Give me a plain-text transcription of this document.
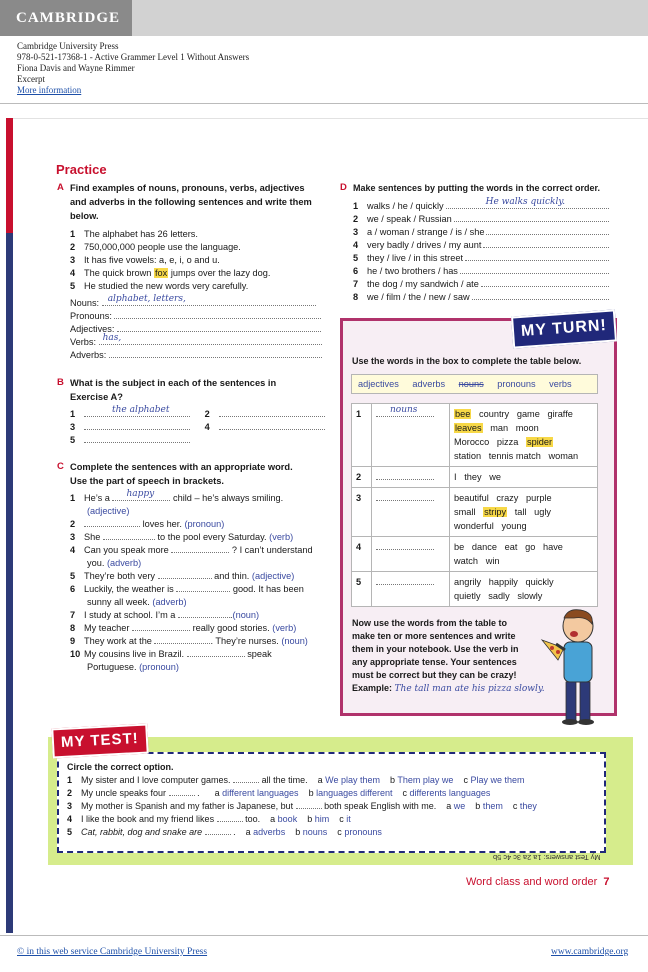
CAMBRIDGE
Cambridge University Press
978-0-521-17368-1 - Active Grammer Level 1 Without Answers
Fiona Davis and Wayne Rimmer
Excerpt
More information
Practice
A Find examples of nouns, pronouns, verbs, adjectives
and adverbs in the following sentences and write them
below.
1 The alphabet has 26 letters.
2 750,000,000 people use the language.
3 It has five vowels: a, e, i, o and u.
4 The quick brown fox jumps over the lazy dog.
5 He studied the new words very carefully.
Nouns: alphabet, letters,
Pronouns:
Adjectives:
Verbs: has,
Adverbs:
B What is the subject in each of the sentences in
Exercise A?
1	the alphabet	2
3	4
5
C Complete the sentences with an appropriate word.
Use the part of speech in brackets.
1 He’s a happy child – he’s always smiling.
(adjective)
2	loves her. (pronoun)
3 She	to the pool every Saturday. (verb)
4 Can you speak more	? I can’t understand
you. (adverb)
5 They’re both very	and thin. (adjective)
6 Luckily, the weather is	good. It has been
sunny all week. (adverb)
7 I study at school. I’m a	.(noun)
8 My teacher	really good stories. (verb)
9 They work at the	. They’re nurses. (noun)
10 My cousins live in Brazil.	speak
Portuguese. (pronoun)
D Make sentences by putting the words in the correct order.
1 walks / he / quickly	He walks quickly.
2 we / speak / Russian
3 a / woman / strange / is / she
4 very badly / drives / my aunt
5 they / live / in this street
6 he / two brothers / has
7 the dog / my sandwich / ate
8 we / film / the / new / saw
MY TURN!
Use the words in the box to complete the table below.
adjectives adverbs nouns pronouns verbs
1	nouns	bee country game giraffe
leaves man moon
Morocco pizza spider
station tennis match woman

2		I they we

3		beautiful crazy purple
small stripy tall ugly
wonderful young

4		be dance eat go have
watch win

5		angrily happily quickly
quietly sadly slowly
Now use the words from the table to
make ten or more sentences and write
them in your notebook. Use the verb in
any appropriate tense. Your sentences
must be correct but they can be crazy!
Example: The tall man ate his pizza slowly.
MY TEST!
Circle the correct option.
1 My sister and I love computer games.	all the time. a We play them b Them play we c Play we them
2 My uncle speaks four	. a different languages b languages different c differents languages
3 My mother is Spanish and my father is Japanese, but	both speak English with me. a we b them c they
4 I like the book and my friend likes	too. a book b him c it
5 Cat, rabbit, dog and snake are	. a adverbs b nouns c pronouns
My Test answers: 1a 2a 3c 4c 5b
Word class and word order 7
© in this web service Cambridge University Press	www.cambridge.org
